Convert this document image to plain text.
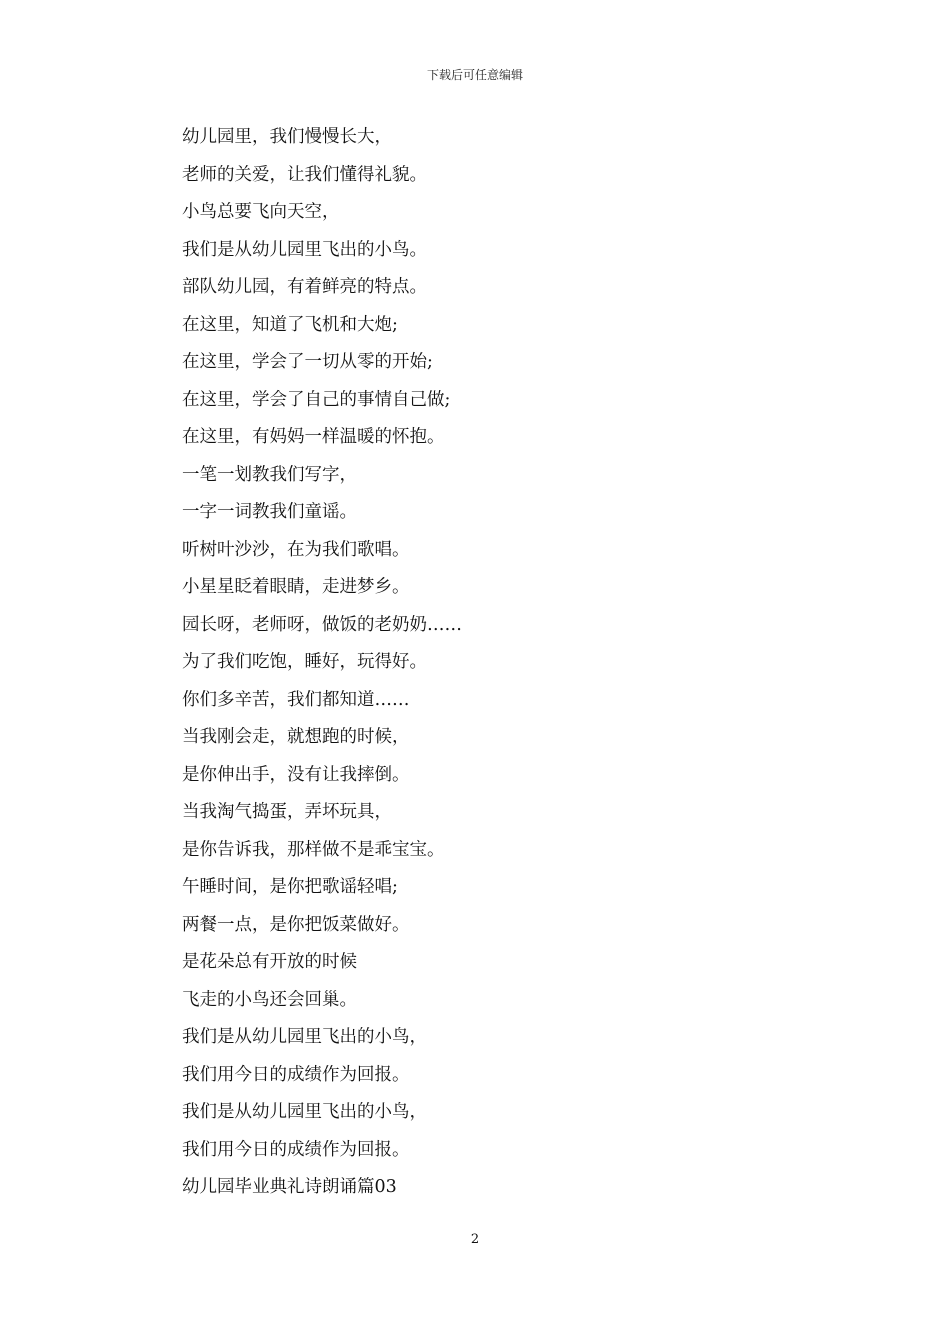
下载后可任意编辑
幼儿园里，我们慢慢长大，
老师的关爱，让我们懂得礼貌。
小鸟总要飞向天空，
我们是从幼儿园里飞出的小鸟。
部队幼儿园，有着鲜亮的特点。
在这里，知道了飞机和大炮;
在这里，学会了一切从零的开始;
在这里，学会了自己的事情自己做;
在这里，有妈妈一样温暖的怀抱。
一笔一划教我们写字，
一字一词教我们童谣。
听树叶沙沙，在为我们歌唱。
小星星眨着眼睛，走进梦乡。
园长呀，老师呀，做饭的老奶奶……
为了我们吃饱，睡好，玩得好。
你们多辛苦，我们都知道……
当我刚会走，就想跑的时候，
是你伸出手，没有让我摔倒。
当我淘气捣蛋，弄坏玩具，
是你告诉我，那样做不是乖宝宝。
午睡时间，是你把歌谣轻唱;
两餐一点，是你把饭菜做好。
是花朵总有开放的时候
飞走的小鸟还会回巢。
我们是从幼儿园里飞出的小鸟，
我们用今日的成绩作为回报。
我们是从幼儿园里飞出的小鸟，
我们用今日的成绩作为回报。
幼儿园毕业典礼诗朗诵篇03
2
